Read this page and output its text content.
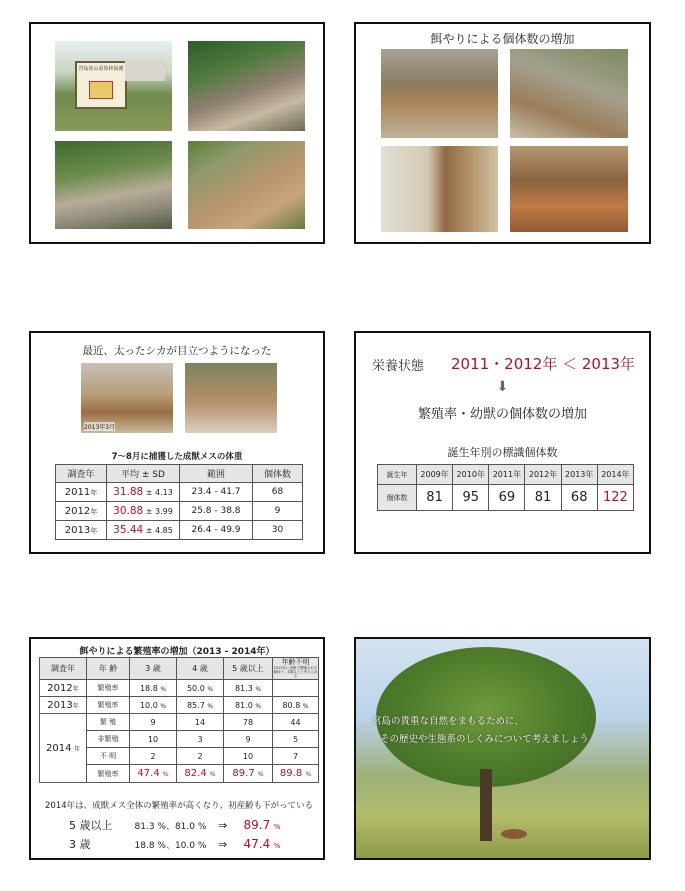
宮島弥山原始林保護
餌やりによる個体数の増加
最近、太ったシカが目立つようになった
2013年3月
7～8月に捕獲した成獣メスの体重
調査年	平均 ± SD	範囲	個体数
2011年	31.88 ± 4.13	23.4 - 41.7	68
2012年	30.88 ± 3.99	25.8 - 38.8	9
2013年	35.44 ± 4.85	26.4 - 49.9	30
栄養状態 2011・2012年 ＜ 2013年
⬇
繁殖率・幼獣の個体数の増加
誕生年別の標識個体数
誕生年	2009年	2010年	2011年	2012年	2013年	2014年
個体数	81	95	69	81	68	122
餌やりによる繁殖率の増加（2013 - 2014年）
調査年	年 齢	3 歳	4 歳	5 歳以上	年齢不明
2013年に成獣で標識された個体で、4歳以上と考えられる

2012年	繁殖率	18.8 %	50.0 %	81.3 %	
2013年	繁殖率	10.0 %	85.7 %	81.0 %	80.8 %
2014 年	繁 殖	9	14	78	44
	非繁殖	10	3	9	5
	不 明	2	2	10	7
	繁殖率	47.4 %	82.4 %	89.7 %	89.8 %
2014年は、成獣メス全体の繁殖率が高くなり、初産齢も下がっている
5 歳以上 81.3 %、81.0 % ⇒ 89.7 %
3 歳	18.8 %、10.0 % ⇒ 47.4 %
宮島の貴重な自然をまもるために、
その歴史や生態系のしくみについて考えましょう
